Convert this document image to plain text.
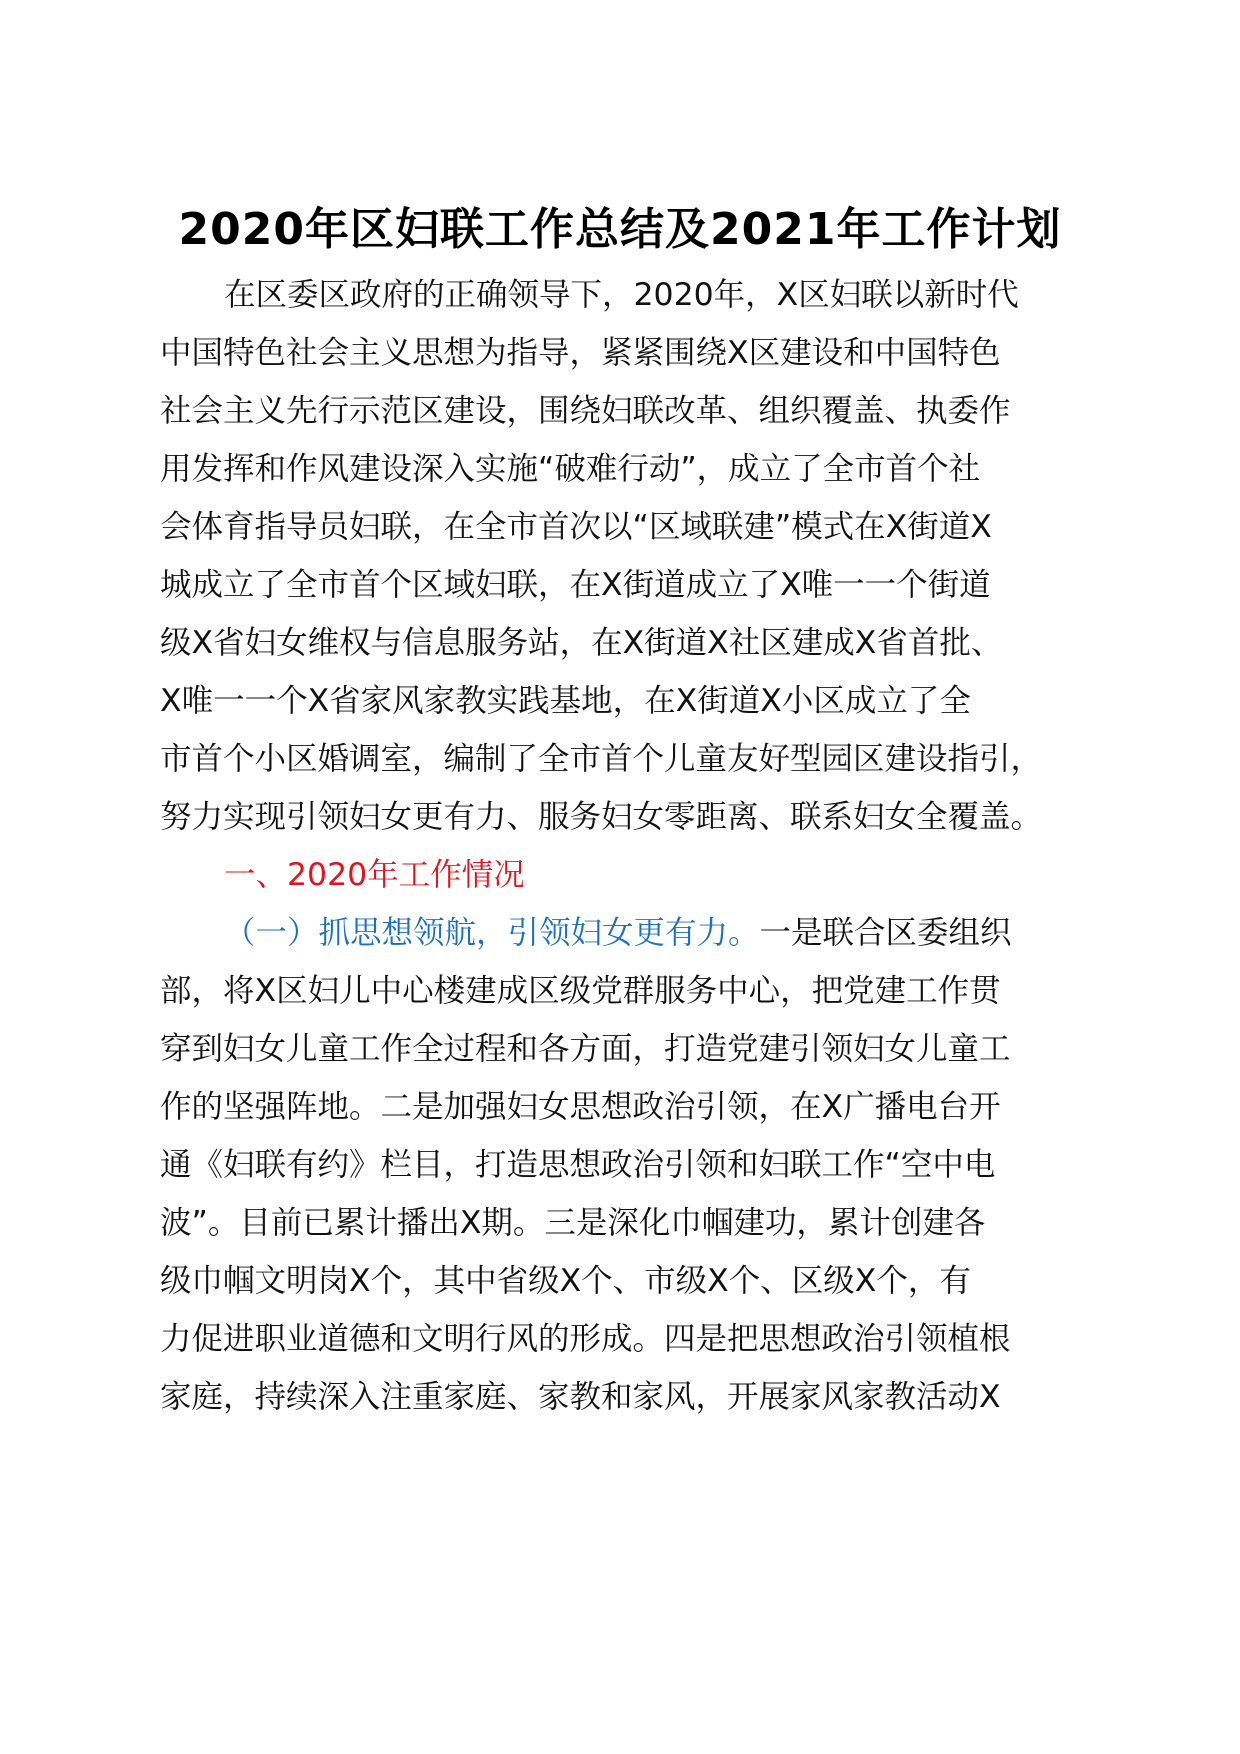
2020年区妇联工作总结及2021年工作计划
在区委区政府的正确领导下，2020年，X区妇联以新时代
中国特色社会主义思想为指导，紧紧围绕X区建设和中国特色
社会主义先行示范区建设，围绕妇联改革、组织覆盖、执委作
用发挥和作风建设深入实施“破难行动”，成立了全市首个社
会体育指导员妇联，在全市首次以“区域联建”模式在X街道X
城成立了全市首个区域妇联，在X街道成立了X唯一一个街道
级X省妇女维权与信息服务站，在X街道X社区建成X省首批、
X唯一一个X省家风家教实践基地，在X街道X小区成立了全
市首个小区婚调室，编制了全市首个儿童友好型园区建设指引，
努力实现引领妇女更有力、服务妇女零距离、联系妇女全覆盖。
一、2020年工作情况
（一）抓思想领航，引领妇女更有力。一是联合区委组织
部，将X区妇儿中心楼建成区级党群服务中心，把党建工作贯
穿到妇女儿童工作全过程和各方面，打造党建引领妇女儿童工
作的坚强阵地。二是加强妇女思想政治引领，在X广播电台开
通《妇联有约》栏目，打造思想政治引领和妇联工作“空中电
波”。目前已累计播出X期。三是深化巾帼建功，累计创建各
级巾帼文明岗X个，其中省级X个、市级X个、区级X个，有
力促进职业道德和文明行风的形成。四是把思想政治引领植根
家庭，持续深入注重家庭、家教和家风，开展家风家教活动X
